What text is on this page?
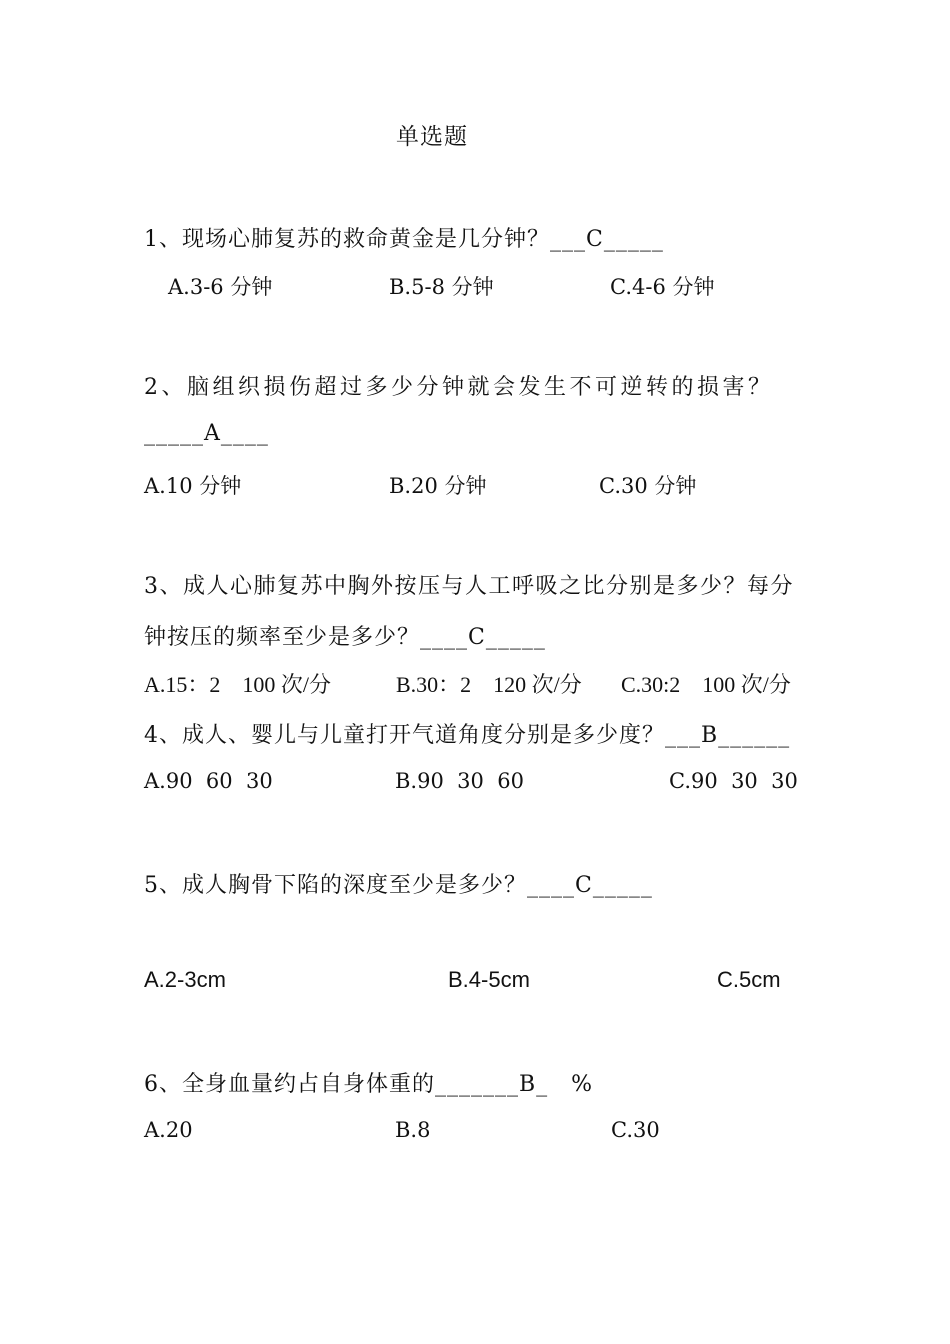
单选题
1、现场心肺复苏的救命黄金是几分钟？___C_____
A.3-6 分钟	B.5-8 分钟	C.4-6 分钟
2、脑组织损伤超过多少分钟就会发生不可逆转的损害？
_____A____
A.10 分钟	B.20 分钟	C.30 分钟
3、成人心肺复苏中胸外按压与人工呼吸之比分别是多少？每分
钟按压的频率至少是多少？____C_____
A.15：2　100 次/分	B.30：2　120 次/分 C.30:2　100 次/分
4、成人、婴儿与儿童打开气道角度分别是多少度？___B______
A.90  60  30	B.90  30  60	C.90  30  30
5、成人胸骨下陷的深度至少是多少？____C_____
A.2-3cm	B.4-5cm	C.5cm
6、全身血量约占自身体重的_______B_　%
A.20	B.8	C.30
